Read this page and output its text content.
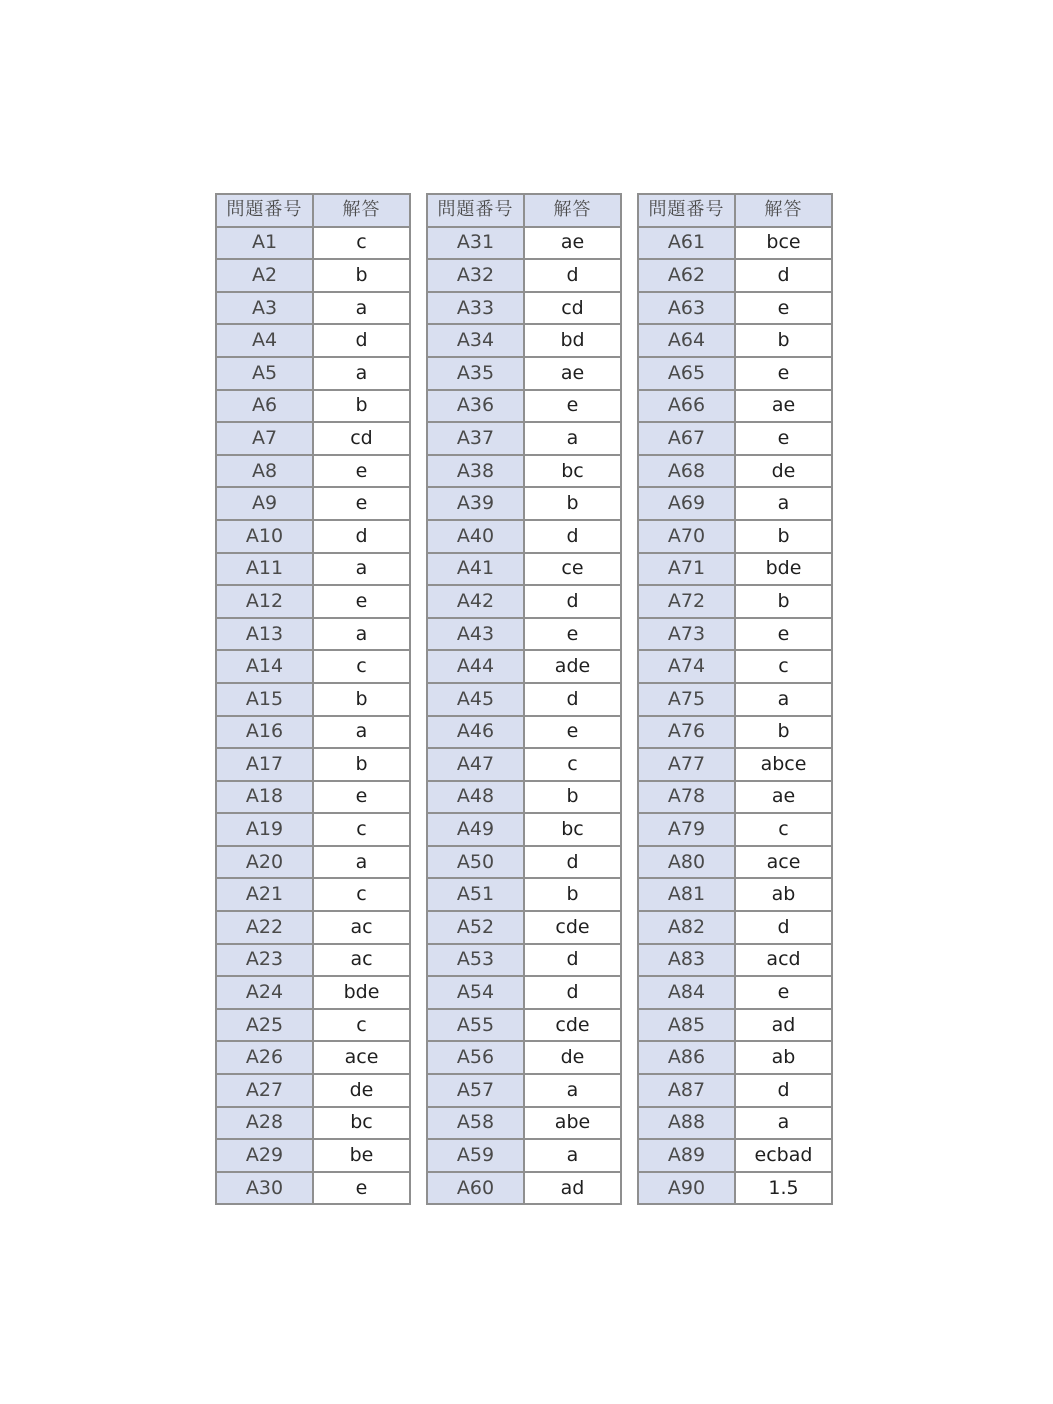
問題番号	解答
A1	c
A2	b
A3	a
A4	d
A5	a
A6	b
A7	cd
A8	e
A9	e
A10	d
A11	a
A12	e
A13	a
A14	c
A15	b
A16	a
A17	b
A18	e
A19	c
A20	a
A21	c
A22	ac
A23	ac
A24	bde
A25	c
A26	ace
A27	de
A28	bc
A29	be
A30	e
問題番号	解答
A31	ae
A32	d
A33	cd
A34	bd
A35	ae
A36	e
A37	a
A38	bc
A39	b
A40	d
A41	ce
A42	d
A43	e
A44	ade
A45	d
A46	e
A47	c
A48	b
A49	bc
A50	d
A51	b
A52	cde
A53	d
A54	d
A55	cde
A56	de
A57	a
A58	abe
A59	a
A60	ad
問題番号	解答
A61	bce
A62	d
A63	e
A64	b
A65	e
A66	ae
A67	e
A68	de
A69	a
A70	b
A71	bde
A72	b
A73	e
A74	c
A75	a
A76	b
A77	abce
A78	ae
A79	c
A80	ace
A81	ab
A82	d
A83	acd
A84	e
A85	ad
A86	ab
A87	d
A88	a
A89	ecbad
A90	1.5
